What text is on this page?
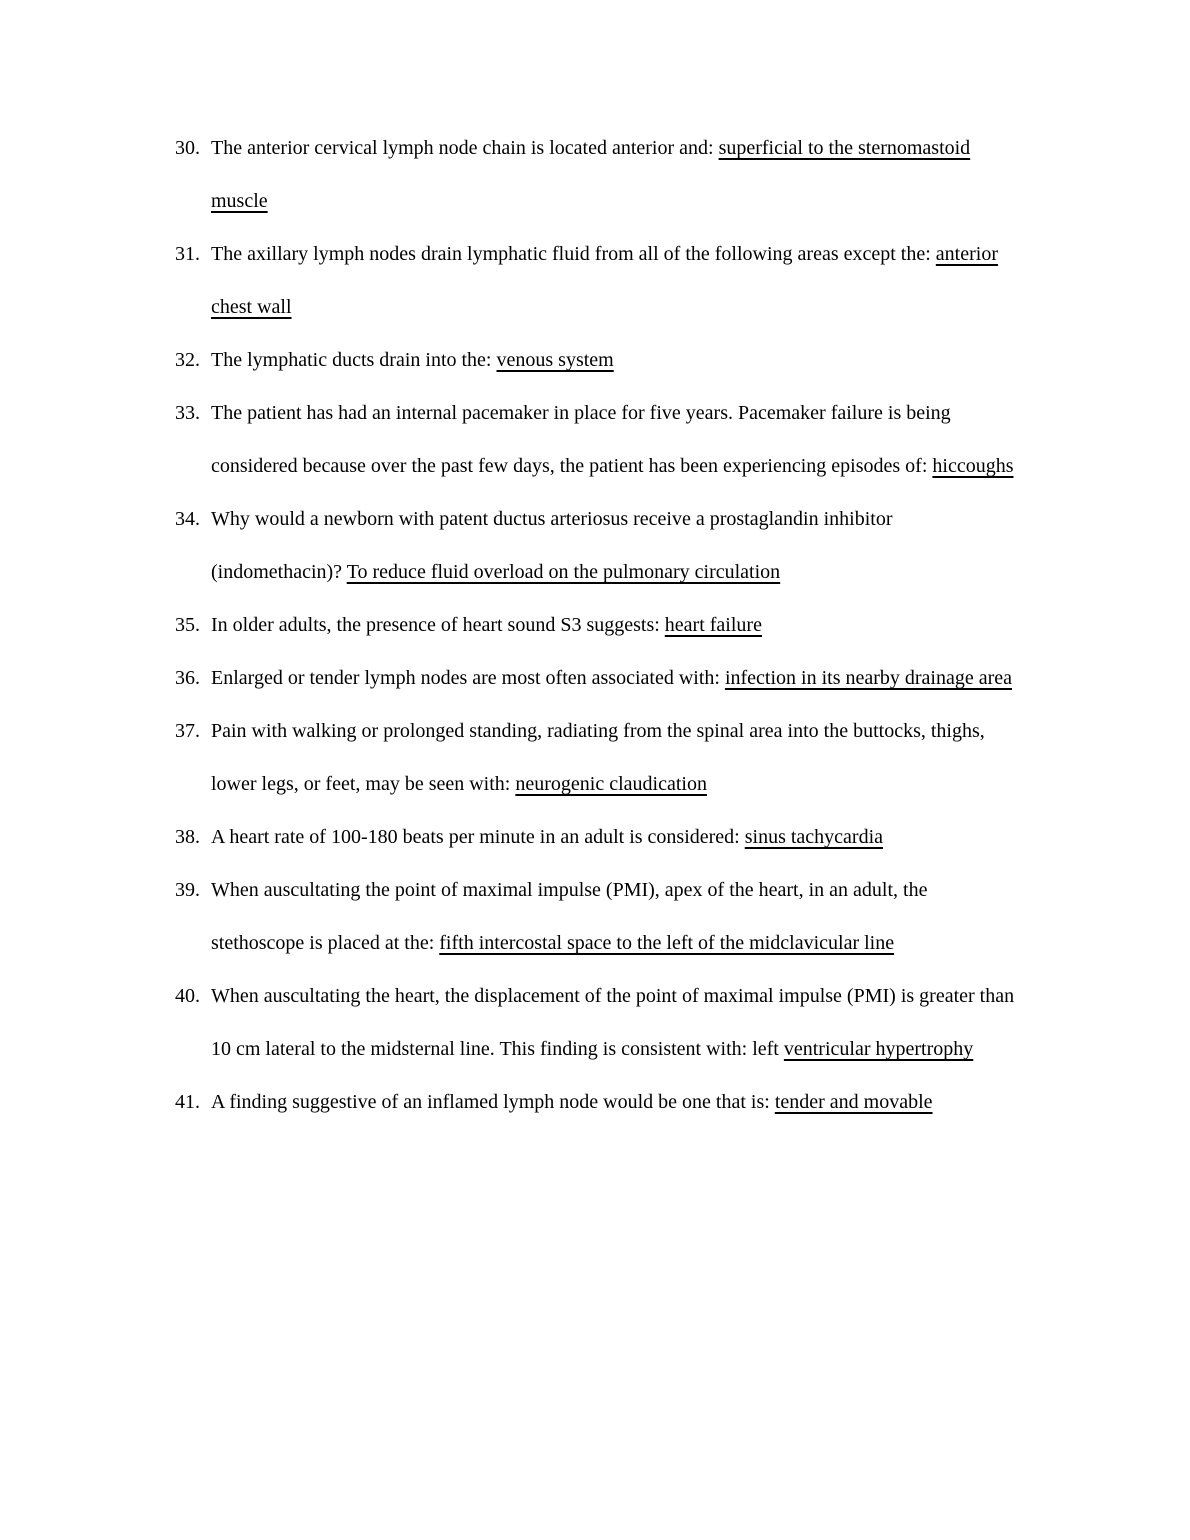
30. The anterior cervical lymph node chain is located anterior and: superficial to the sternomastoid muscle
31. The axillary lymph nodes drain lymphatic fluid from all of the following areas except the: anterior chest wall
32. The lymphatic ducts drain into the: venous system
33. The patient has had an internal pacemaker in place for five years. Pacemaker failure is being considered because over the past few days, the patient has been experiencing episodes of: hiccoughs
34. Why would a newborn with patent ductus arteriosus receive a prostaglandin inhibitor (indomethacin)? To reduce fluid overload on the pulmonary circulation
35. In older adults, the presence of heart sound S3 suggests: heart failure
36. Enlarged or tender lymph nodes are most often associated with: infection in its nearby drainage area
37. Pain with walking or prolonged standing, radiating from the spinal area into the buttocks, thighs, lower legs, or feet, may be seen with: neurogenic claudication
38. A heart rate of 100-180 beats per minute in an adult is considered: sinus tachycardia
39. When auscultating the point of maximal impulse (PMI), apex of the heart, in an adult, the stethoscope is placed at the: fifth intercostal space to the left of the midclavicular line
40. When auscultating the heart, the displacement of the point of maximal impulse (PMI) is greater than 10 cm lateral to the midsternal line. This finding is consistent with: left ventricular hypertrophy
41. A finding suggestive of an inflamed lymph node would be one that is: tender and movable
